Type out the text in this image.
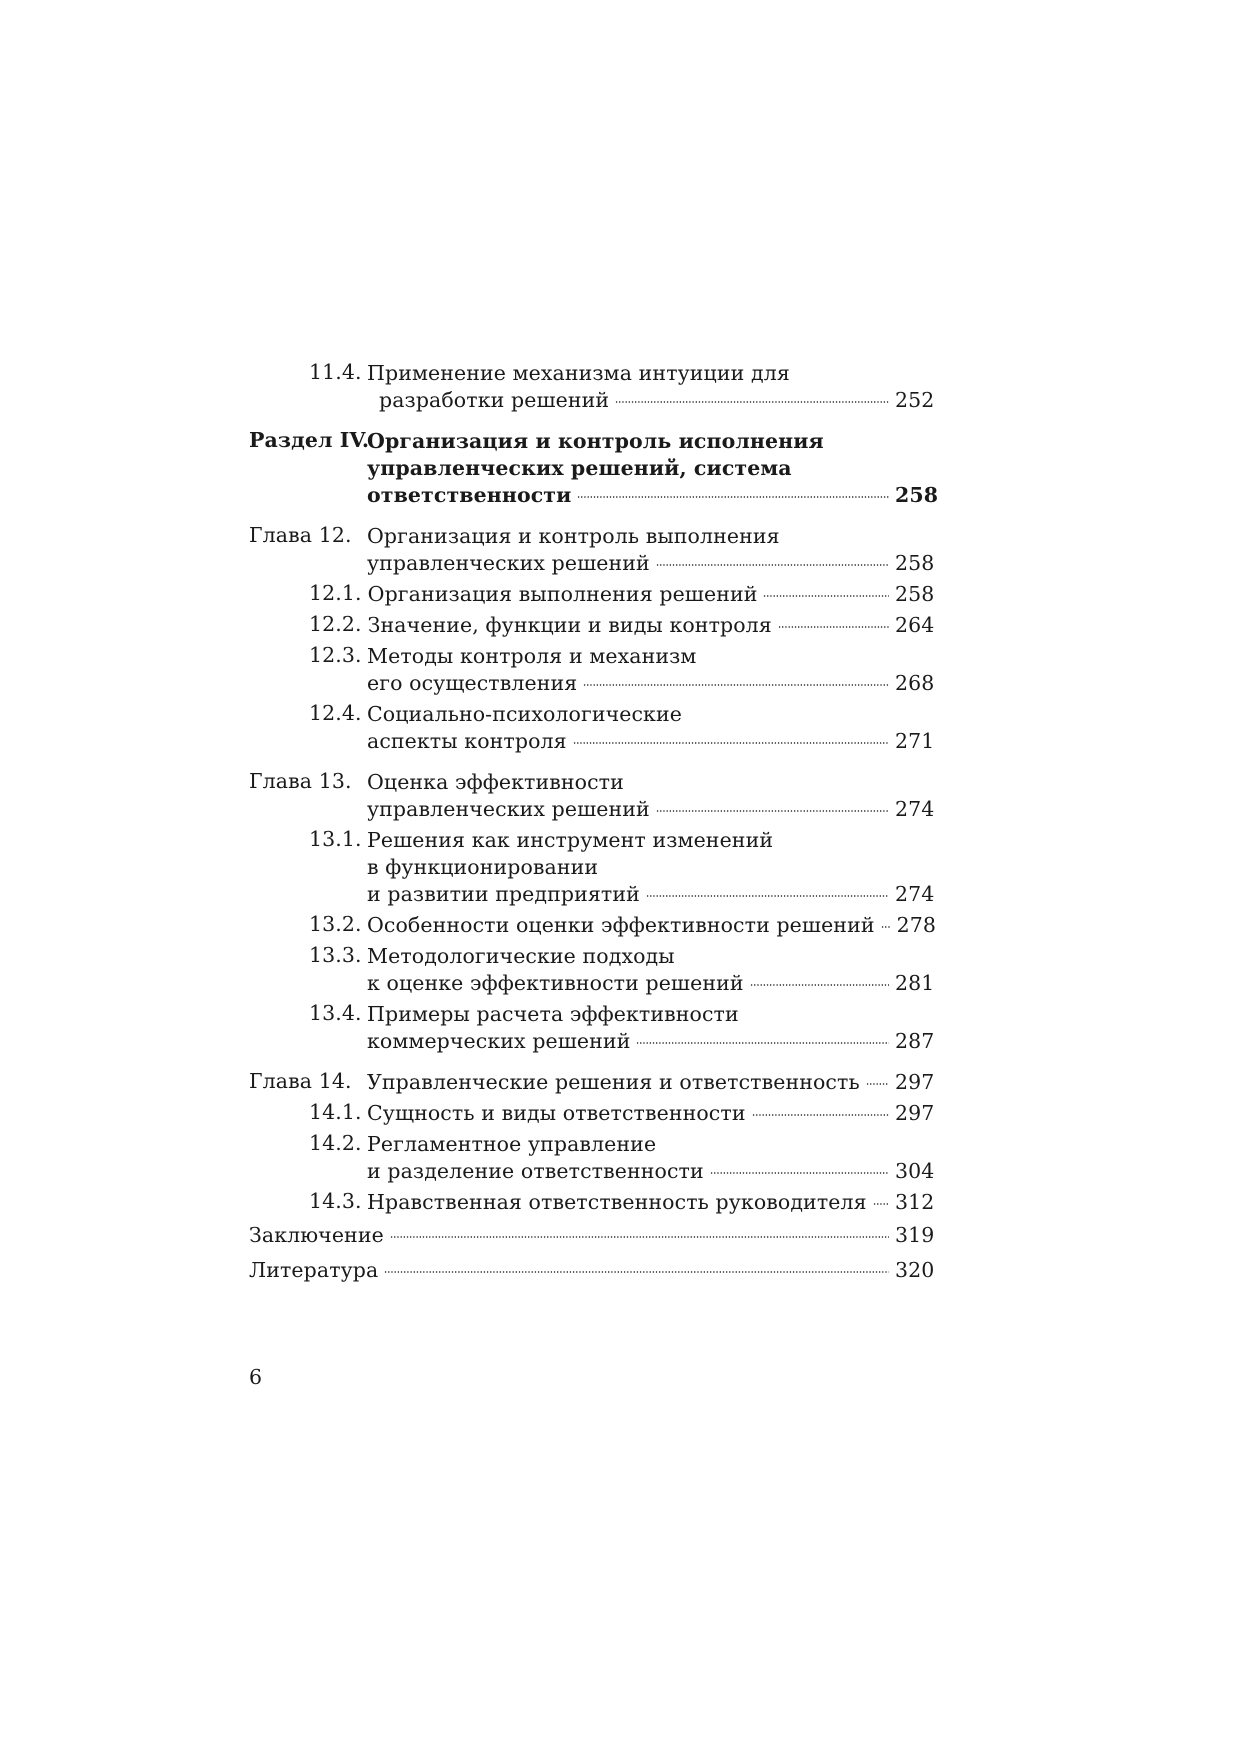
11.4. Применение механизма интуиции для
разработки решений	252
Раздел IV.
Организация и контроль исполнения
управленческих решений, система
ответственности	258
Глава 12. Организация и контроль выполнения
управленческих решений	258
12.1. Организация выполнения решений	258
12.2. Значение, функции и виды контроля	264
12.3. Методы контроля и механизм
его осуществления	268
12.4. Социально-психологические
аспекты контроля	271
Глава 13. Оценка эффективности
управленческих решений	274
13.1. Решения как инструмент изменений
в функционировании
и развитии предприятий	274
13.2. Особенности оценки эффективности решений 278
13.3. Методологические подходы
к оценке эффективности решений	281
13.4. Примеры расчета эффективности
коммерческих решений	287
Глава 14. Управленческие решения и ответственность 297
14.1. Сущность и виды ответственности	297
14.2. Регламентное управление
и разделение ответственности	304
14.3. Нравственная ответственность руководителя 312
Заключение	319
Литература	320
6
